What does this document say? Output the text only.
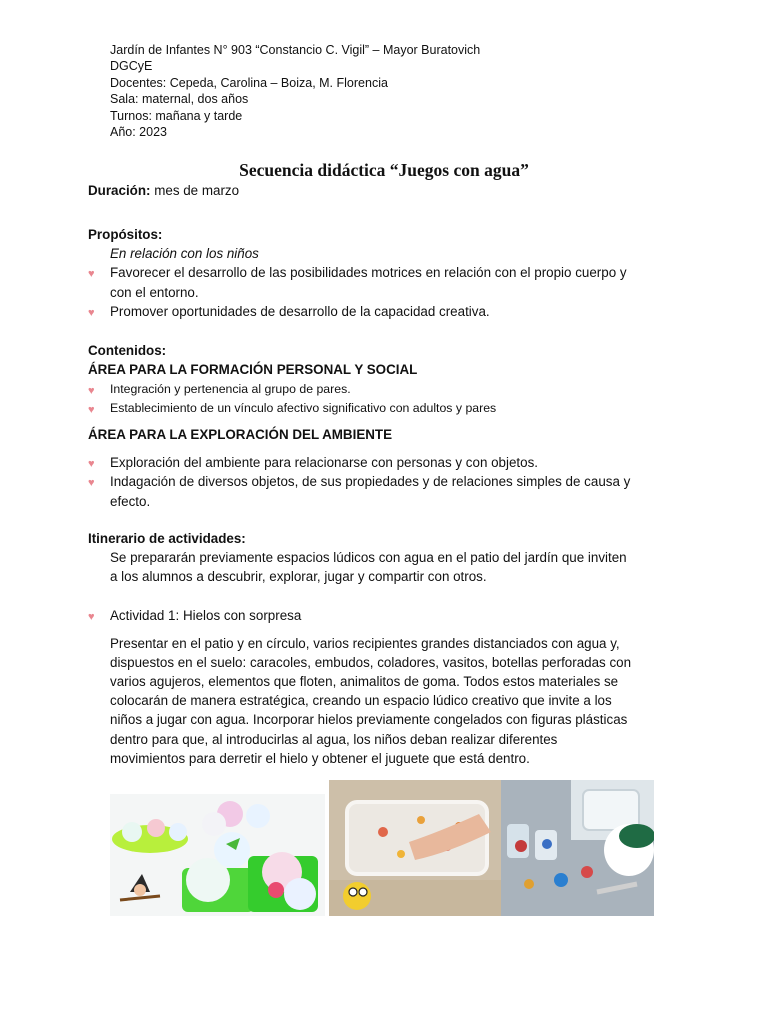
Jardín de Infantes N° 903 “Constancio C. Vigil” – Mayor Buratovich
DGCyE
Docentes: Cepeda, Carolina – Boiza, M. Florencia
Sala: maternal, dos años
Turnos: mañana y tarde
Año: 2023
Secuencia didáctica “Juegos con agua”
Duración: mes de marzo
Propósitos:
En relación con los niños
♥ Favorecer el desarrollo de las posibilidades motrices en relación con el propio cuerpo y
con el entorno.
♥ Promover oportunidades de desarrollo de la capacidad creativa.
Contenidos:
ÁREA PARA LA FORMACIÓN PERSONAL Y SOCIAL
♥ Integración y pertenencia al grupo de pares.
♥ Establecimiento de un vínculo afectivo significativo con adultos y pares
ÁREA PARA LA EXPLORACIÓN DEL AMBIENTE
♥ Exploración del ambiente para relacionarse con personas y con objetos.
♥ Indagación de diversos objetos, de sus propiedades y de relaciones simples de causa y
efecto.
Itinerario de actividades:
Se prepararán previamente espacios lúdicos con agua en el patio del jardín que inviten
a los alumnos a descubrir, explorar, jugar y compartir con otros.
♥ Actividad 1: Hielos con sorpresa
Presentar en el patio y en círculo, varios recipientes grandes distanciados con agua y,
dispuestos en el suelo: caracoles, embudos, coladores, vasitos, botellas perforadas con
varios agujeros, elementos que floten, animalitos de goma. Todos estos materiales se
colocarán de manera estratégica, creando un espacio lúdico creativo que invite a los
niños a jugar con agua. Incorporar hielos previamente congelados con figuras plásticas
dentro para que, al introducirlas al agua, los niños deban realizar diferentes
movimientos para derretir el hielo y obtener el juguete que está dentro.
